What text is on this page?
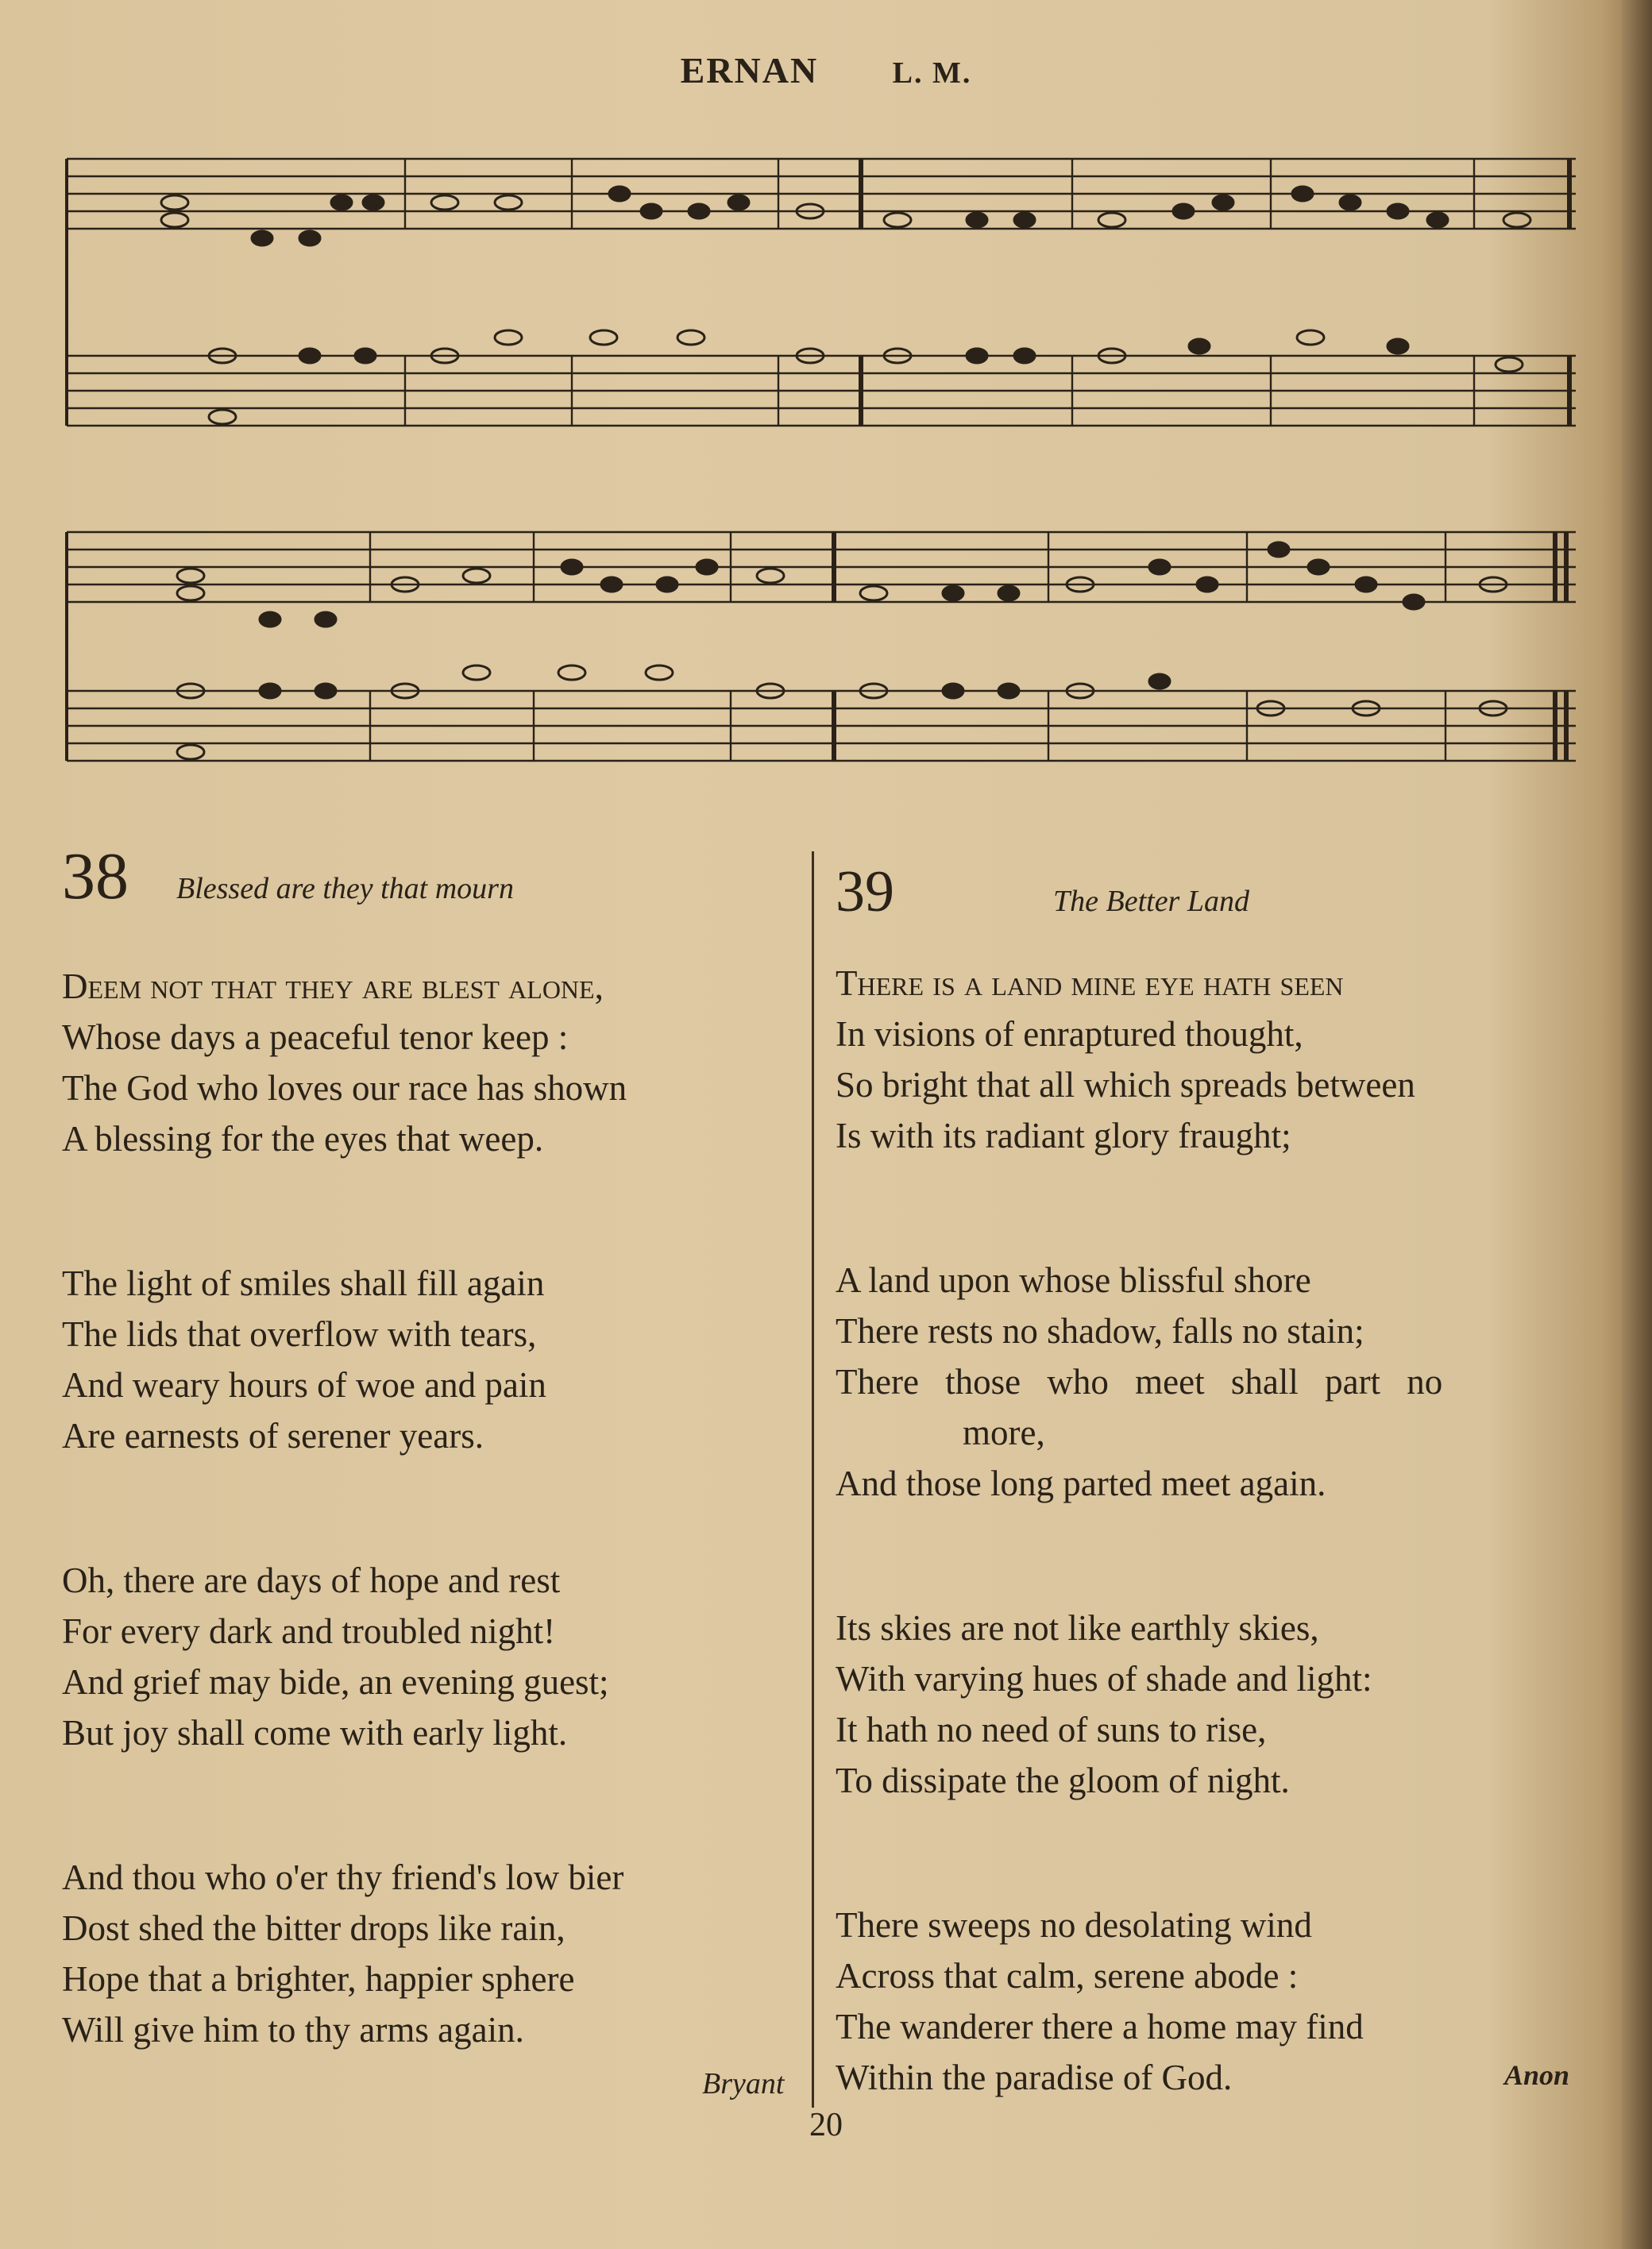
ERNAN L. M.
38 Blessed are they that mourn	39	The Better Land
Deem not that they are blest alone,
Whose days a peaceful tenor keep :
The God who loves our race has shown
A blessing for the eyes that weep.
The light of smiles shall fill again
The lids that overflow with tears,
And weary hours of woe and pain
Are earnests of serener years.
Oh, there are days of hope and rest
For every dark and troubled night!
And grief may bide, an evening guest;
But joy shall come with early light.
And thou who o'er thy friend's low bier
Dost shed the bitter drops like rain,
Hope that a brighter, happier sphere
Will give him to thy arms again.
There is a land mine eye hath seen
In visions of enraptured thought,
So bright that all which spreads between
Is with its radiant glory fraught;
A land upon whose blissful shore
There rests no shadow, falls no stain;
There those who meet shall part no
more,
And those long parted meet again.
Its skies are not like earthly skies,
With varying hues of shade and light:
It hath no need of suns to rise,
To dissipate the gloom of night.
There sweeps no desolating wind
Across that calm, serene abode :
The wanderer there a home may find
Within the paradise of God.
Bryant	Anon
20
